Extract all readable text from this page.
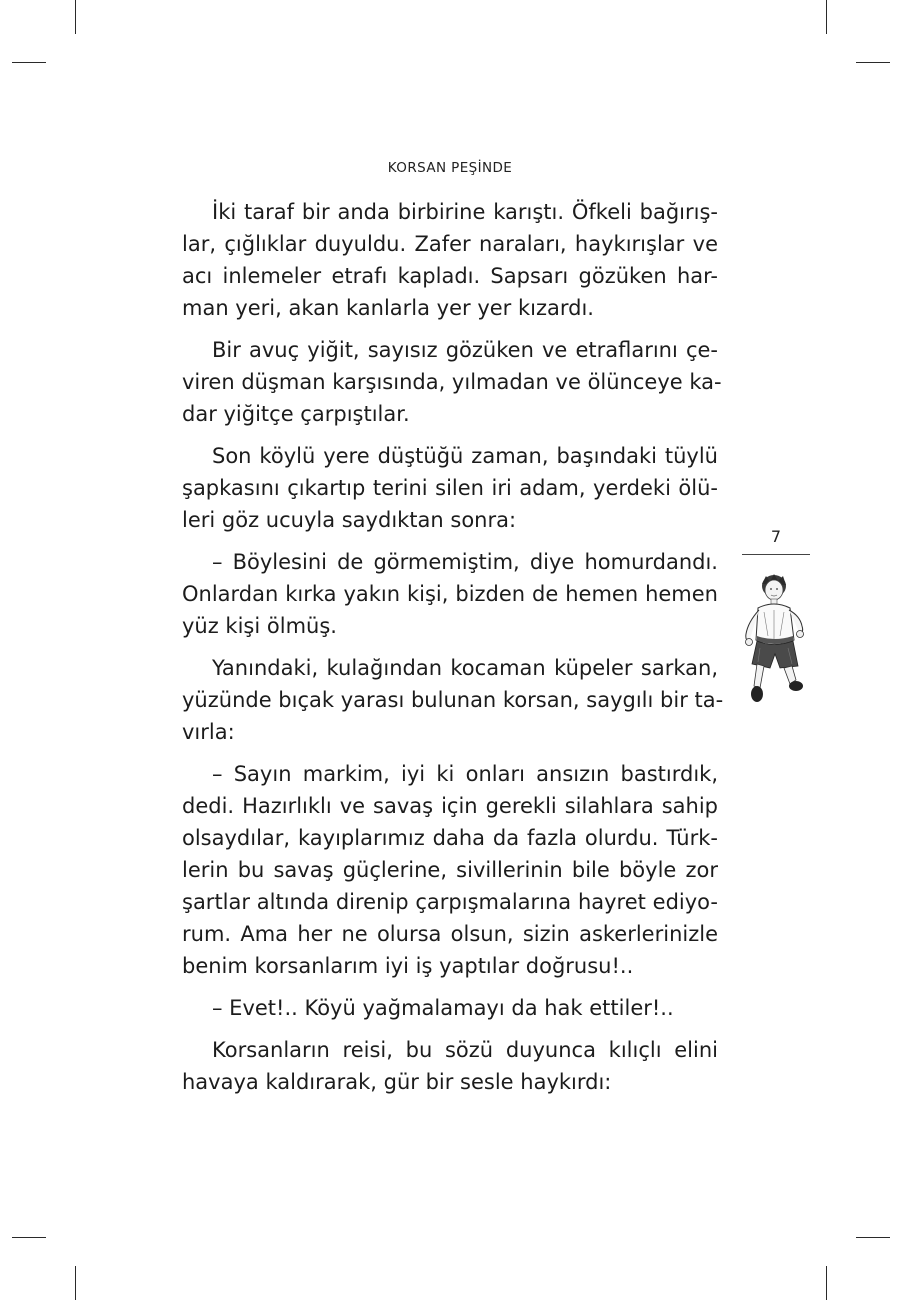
KORSAN PEŞİNDE

İki taraf bir anda birbirine karıştı. Öfkeli bağırış-
lar, çığlıklar duyuldu. Zafer naraları, haykırışlar ve
acı inlemeler etrafı kapladı. Sapsarı gözüken har-
man yeri, akan kanlarla yer yer kızardı.

Bir avuç yiğit, sayısız gözüken ve etraflarını çe-
viren düşman karşısında, yılmadan ve ölünceye ka-
dar yiğitçe çarpıştılar.

Son köylü yere düştüğü zaman, başındaki tüylü
şapkasını çıkartıp terini silen iri adam, yerdeki ölü-
leri göz ucuyla saydıktan sonra:

– Böylesini de görmemiştim, diye homurdandı.
Onlardan kırka yakın kişi, bizden de hemen hemen
yüz kişi ölmüş.

Yanındaki, kulağından kocaman küpeler sarkan,
yüzünde bıçak yarası bulunan korsan, saygılı bir ta-
vırla:

– Sayın markim, iyi ki onları ansızın bastırdık,
dedi. Hazırlıklı ve savaş için gerekli silahlara sahip
olsaydılar, kayıplarımız daha da fazla olurdu. Türk-
lerin bu savaş güçlerine, sivillerinin bile böyle zor
şartlar altında direnip çarpışmalarına hayret ediyo-
rum. Ama her ne olursa olsun, sizin askerlerinizle
benim korsanlarım iyi iş yaptılar doğrusu!..

– Evet!.. Köyü yağmalamayı da hak ettiler!..

Korsanların reisi, bu sözü duyunca kılıçlı elini
havaya kaldırarak, gür bir sesle haykırdı:

7
